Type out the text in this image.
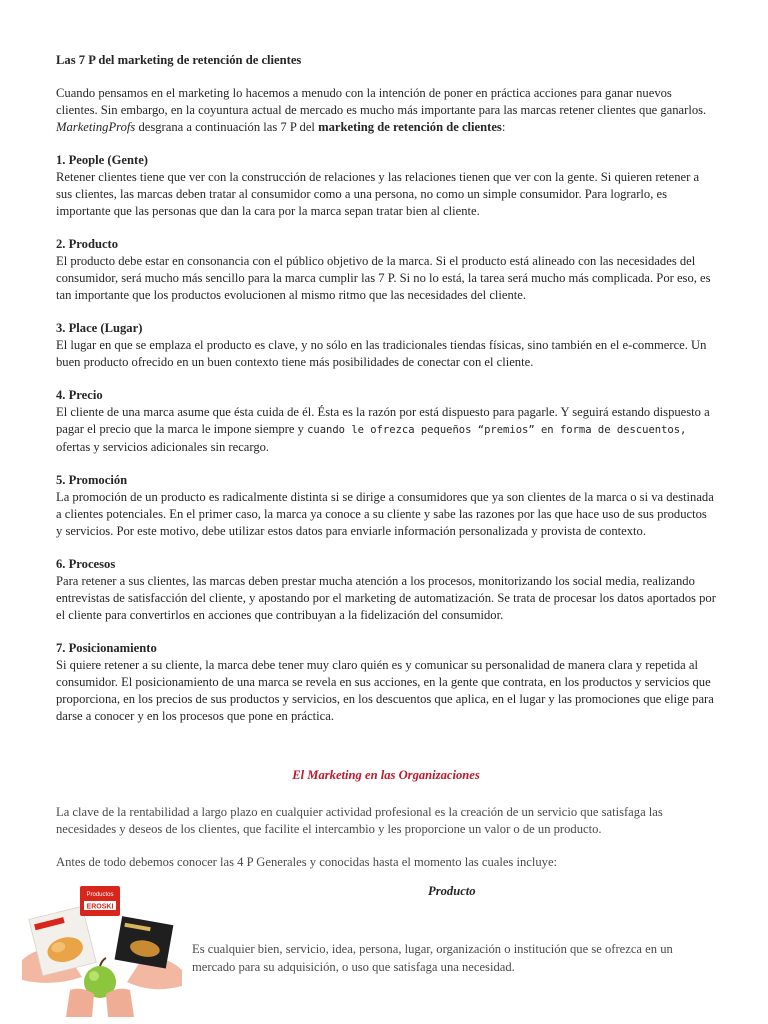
Las 7 P del marketing de retención de clientes

Cuando pensamos en el marketing lo hacemos a menudo con la intención de poner en práctica acciones para ganar nuevos clientes. Sin embargo, en la coyuntura actual de mercado es mucho más importante para las marcas retener clientes que ganarlos. MarketingProfs desgrana a continuación las 7 P del marketing de retención de clientes:

1. People (Gente)

Retener clientes tiene que ver con la construcción de relaciones y las relaciones tienen que ver con la gente. Si quieren retener a sus clientes, las marcas deben tratar al consumidor como a una persona, no como un simple consumidor. Para lograrlo, es importante que las personas que dan la cara por la marca sepan tratar bien al cliente.

2. Producto

El producto debe estar en consonancia con el público objetivo de la marca. Si el producto está alineado con las necesidades del consumidor, será mucho más sencillo para la marca cumplir las 7 P. Si no lo está, la tarea será mucho más complicada. Por eso, es tan importante que los productos evolucionen al mismo ritmo que las necesidades del cliente.

3. Place (Lugar)

El lugar en que se emplaza el producto es clave, y no sólo en las tradicionales tiendas físicas, sino también en el e-commerce. Un buen producto ofrecido en un buen contexto tiene más posibilidades de conectar con el cliente.

4. Precio

El cliente de una marca asume que ésta cuida de él. Ésta es la razón por está dispuesto para pagarle. Y seguirá estando dispuesto a pagar el precio que la marca le impone siempre y cuando le ofrezca pequeños “premios” en forma de descuentos, ofertas y servicios adicionales sin recargo.

5. Promoción

La promoción de un producto es radicalmente distinta si se dirige a consumidores que ya son clientes de la marca o si va destinada a clientes potenciales. En el primer caso, la marca ya conoce a su cliente y sabe las razones por las que hace uso de sus productos y servicios. Por este motivo, debe utilizar estos datos para enviarle información personalizada y provista de contexto.

6. Procesos

Para retener a sus clientes, las marcas deben prestar mucha atención a los procesos, monitorizando los social media, realizando entrevistas de satisfacción del cliente, y apostando por el marketing de automatización. Se trata de procesar los datos aportados por el cliente para convertirlos en acciones que contribuyan a la fidelización del consumidor.

7. Posicionamiento

Si quiere retener a su cliente, la marca debe tener muy claro quién es y comunicar su personalidad de manera clara y repetida al consumidor. El posicionamiento de una marca se revela en sus acciones, en la gente que contrata, en los productos y servicios que proporciona, en los precios de sus productos y servicios, en los descuentos que aplica, en el lugar y las promociones que elige para darse a conocer y en los procesos que pone en práctica.

El Marketing en las Organizaciones

La clave de la rentabilidad a largo plazo en cualquier actividad profesional es la creación de un servicio que satisfaga las necesidades y deseos de los clientes, que facilite el intercambio y les proporcione un valor o de un producto.

Antes de todo debemos conocer las 4 P Generales y conocidas hasta el momento las cuales incluye:

Producto
Productos
EROSKI
Es cualquier bien, servicio, idea, persona, lugar, organización o institución que se ofrezca en un mercado para su adquisición, o uso que satisfaga una necesidad.
